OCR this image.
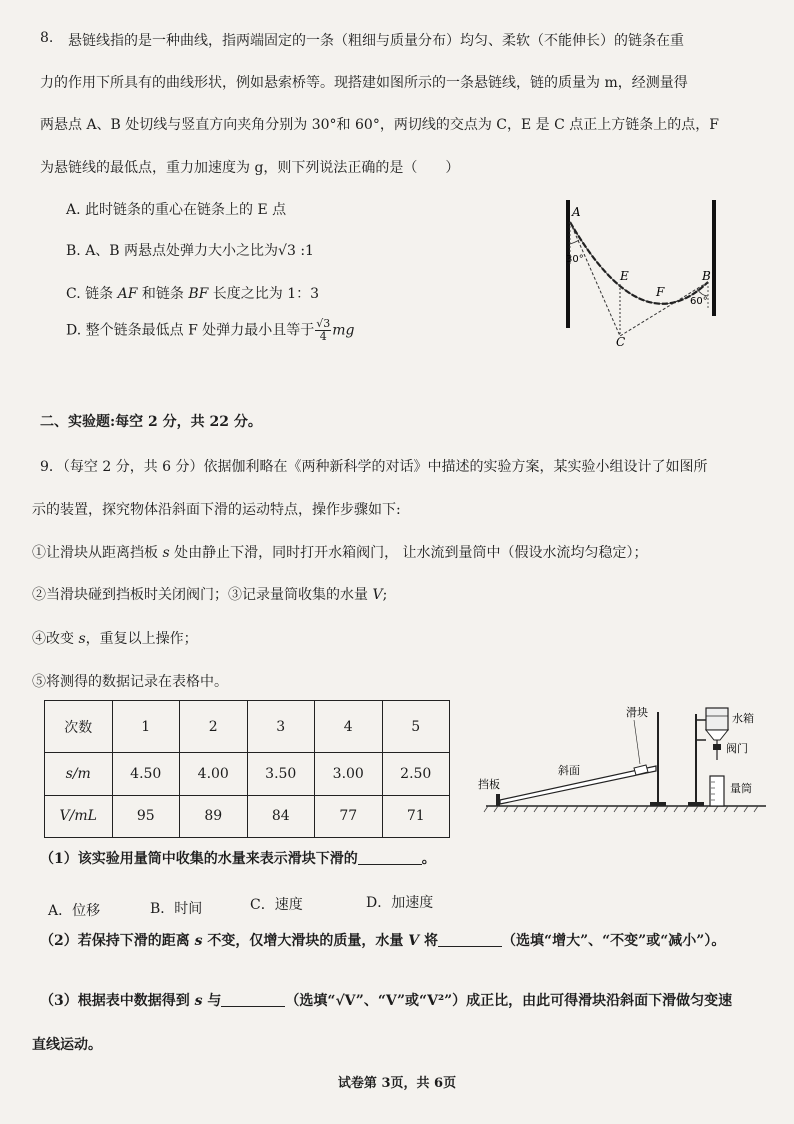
8. 悬链线指的是一种曲线，指两端固定的一条（粗细与质量分布）均匀、柔软（不能伸长）的链条在重
力的作用下所具有的曲线形状，例如悬索桥等。现搭建如图所示的一条悬链线，链的质量为 m，经测量得
两悬点 A、B 处切线与竖直方向夹角分别为 30°和 60°，两切线的交点为 C，E 是 C 点正上方链条上的点，F
为悬链线的最低点，重力加速度为 g，则下列说法正确的是（　　）
A. 此时链条的重心在链条上的 E 点
B. A、B 两悬点处弹力大小之比为√3 :1
C. 链条 AF 和链条 BF 长度之比为 1：3
D. 整个链条最低点 F 处弹力最小且等于 $\frac{√3}{4}$ mg
A
B
C
E
F
30°
60°
二、实验题:每空 2 分，共 22 分。
9．（每空 2 分，共 6 分）依据伽利略在《两种新科学的对话》中描述的实验方案，某实验小组设计了如图所
示的装置，探究物体沿斜面下滑的运动特点，操作步骤如下:
①让滑块从距离挡板 s 处由静止下滑，同时打开水箱阀门， 让水流到量筒中（假设水流均匀稳定）；
②当滑块碰到挡板时关闭阀门；③记录量筒收集的水量 V;
④改变 s，重复以上操作；
⑤将测得的数据记录在表格中。
次数	1	2	3	4	5
s/m	4.50	4.00	3.50	3.00	2.50
V/mL	95	89	84	77	71
滑块	水箱
阀门
斜面
量筒
挡板
（1）该实验用量筒中收集的水量来表示滑块下滑的	。
A．位移	B．时间	C．速度	D．加速度
（2）若保持下滑的距离 s 不变，仅增大滑块的质量，水量 V 将	（选填“增大”、“不变”或“减小”）。
（3）根据表中数据得到 s 与	（选填“√V”、“V”或“V²”）成正比，由此可得滑块沿斜面下滑做匀变速
直线运动。
试卷第 3页，共 6页
